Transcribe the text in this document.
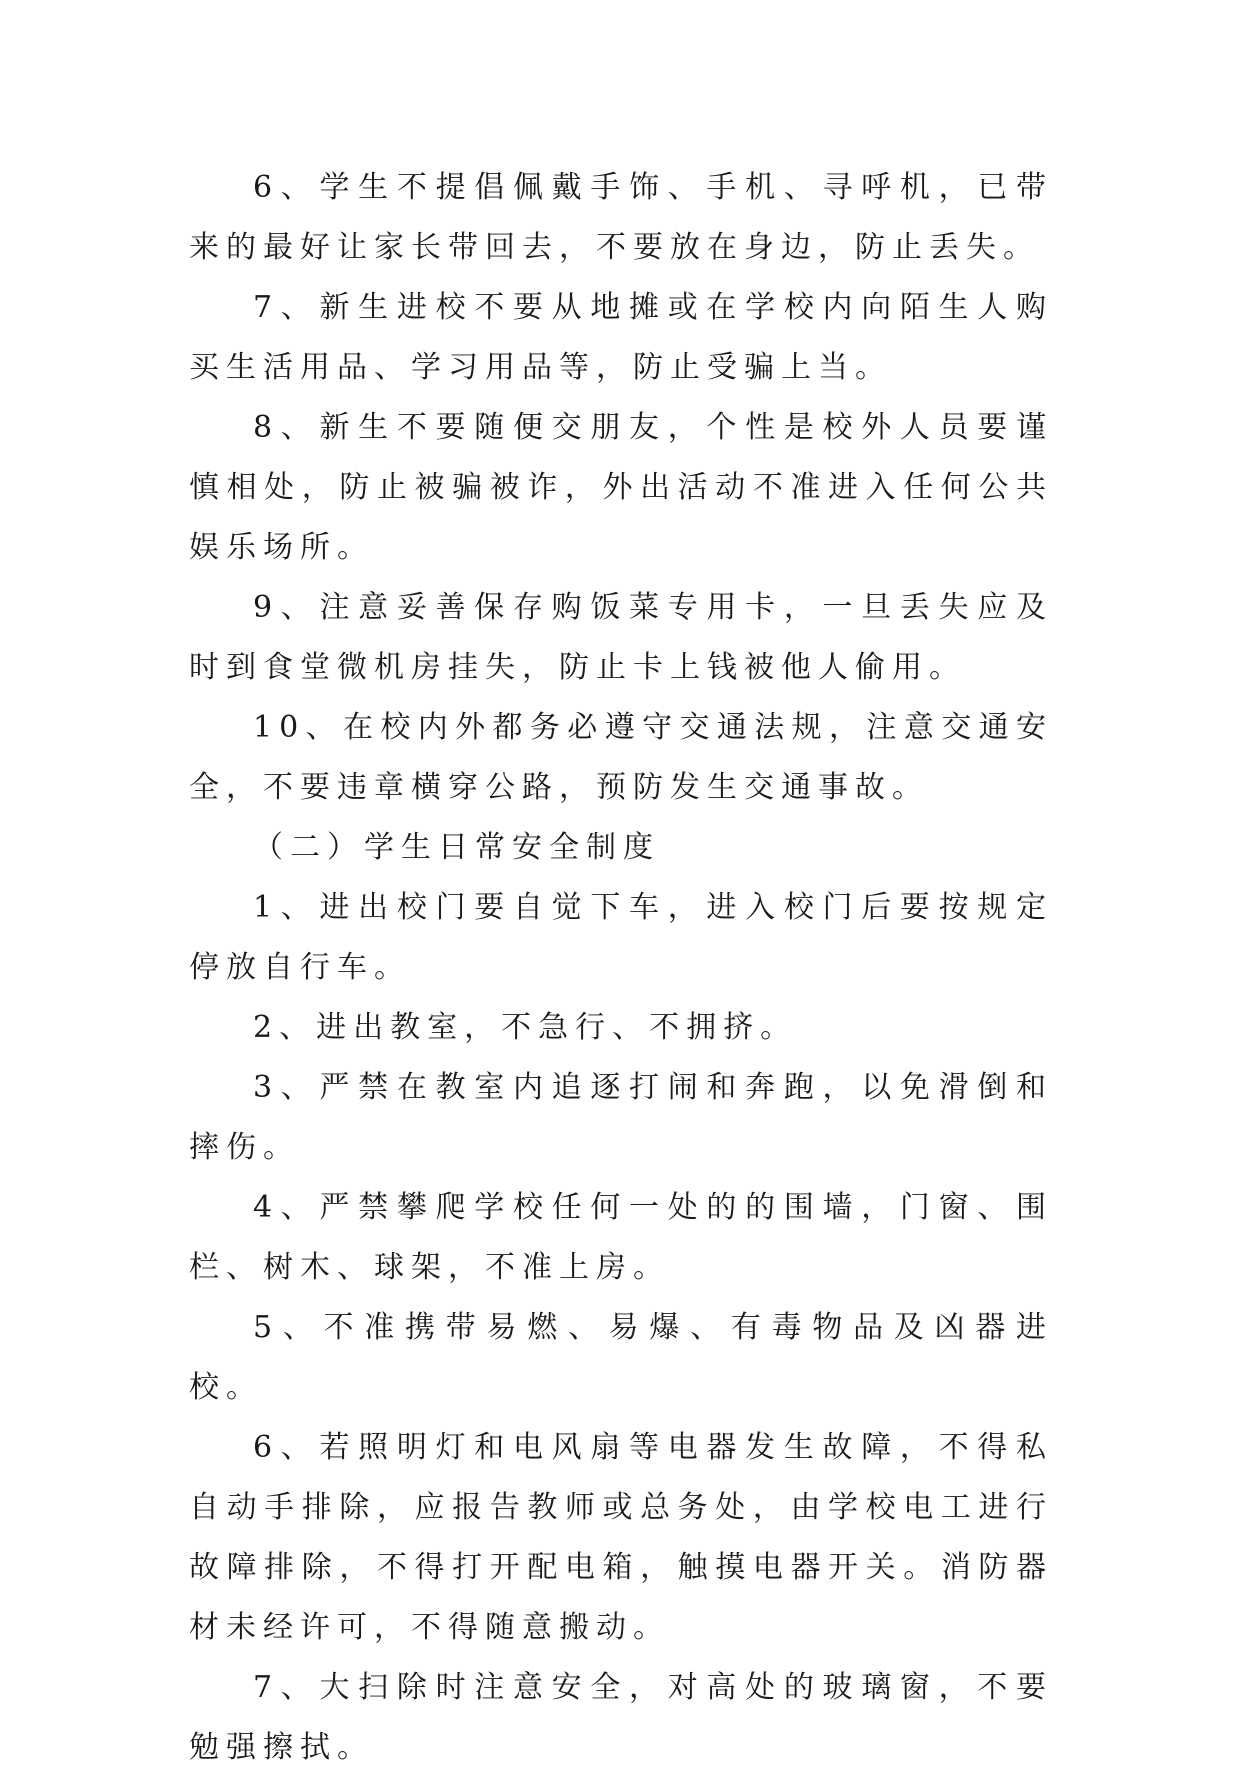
6、学生不提倡佩戴手饰、手机、寻呼机，已带来的最好让家长带回去，不要放在身边，防止丢失。

7、新生进校不要从地摊或在学校内向陌生人购买生活用品、学习用品等，防止受骗上当。

8、新生不要随便交朋友，个性是校外人员要谨慎相处，防止被骗被诈，外出活动不准进入任何公共娱乐场所。

9、注意妥善保存购饭菜专用卡，一旦丢失应及时到食堂微机房挂失，防止卡上钱被他人偷用。

10、在校内外都务必遵守交通法规，注意交通安全，不要违章横穿公路，预防发生交通事故。

（二）学生日常安全制度

1、进出校门要自觉下车，进入校门后要按规定停放自行车。

2、进出教室，不急行、不拥挤。

3、严禁在教室内追逐打闹和奔跑，以免滑倒和摔伤。

4、严禁攀爬学校任何一处的的围墙，门窗、围栏、树木、球架，不准上房。

5、不准携带易燃、易爆、有毒物品及凶器进校。

6、若照明灯和电风扇等电器发生故障，不得私自动手排除，应报告教师或总务处，由学校电工进行故障排除，不得打开配电箱，触摸电器开关。消防器材未经许可，不得随意搬动。

7、大扫除时注意安全，对高处的玻璃窗，不要勉强擦拭。
